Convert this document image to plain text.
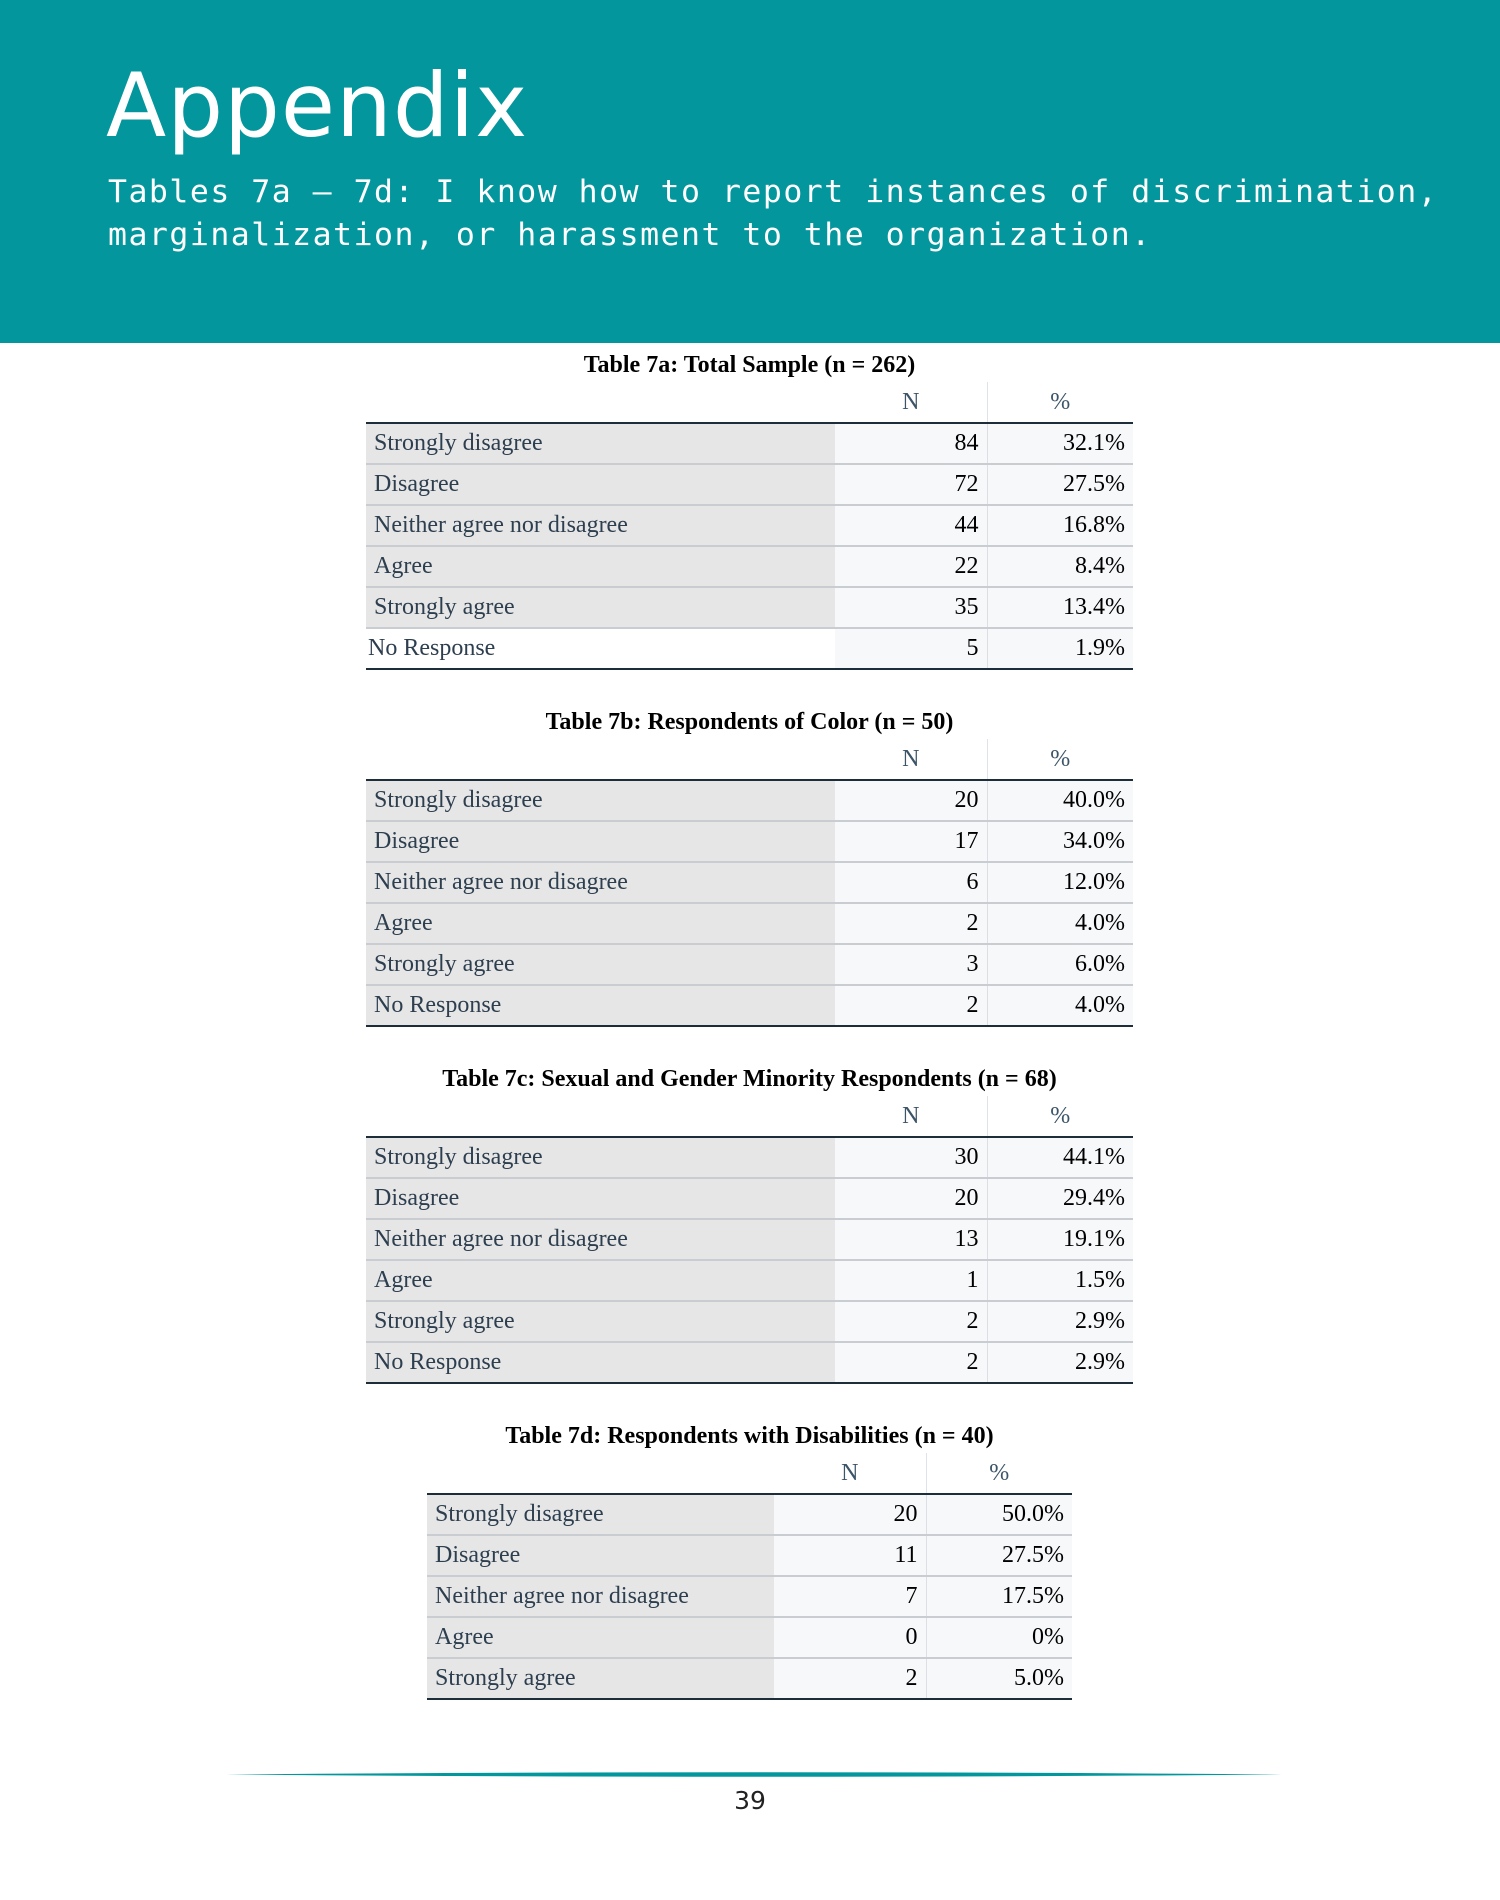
Appendix

Tables 7a – 7d: I know how to report instances of discrimination,
marginalization, or harassment to the organization.

Table 7a: Total Sample (n = 262)
	N	%
Strongly disagree	84	32.1%
Disagree	72	27.5%
Neither agree nor disagree	44	16.8%
Agree	22	8.4%
Strongly agree	35	13.4%
No Response	5	1.9%
Table 7b: Respondents of Color (n = 50)
	N	%
Strongly disagree	20	40.0%
Disagree	17	34.0%
Neither agree nor disagree	6	12.0%
Agree	2	4.0%
Strongly agree	3	6.0%
No Response	2	4.0%
Table 7c: Sexual and Gender Minority Respondents (n = 68)
	N	%
Strongly disagree	30	44.1%
Disagree	20	29.4%
Neither agree nor disagree	13	19.1%
Agree	1	1.5%
Strongly agree	2	2.9%
No Response	2	2.9%
Table 7d: Respondents with Disabilities (n = 40)
	N	%
Strongly disagree	20	50.0%
Disagree	11	27.5%
Neither agree nor disagree	7	17.5%
Agree	0	0%
Strongly agree	2	5.0%
39
